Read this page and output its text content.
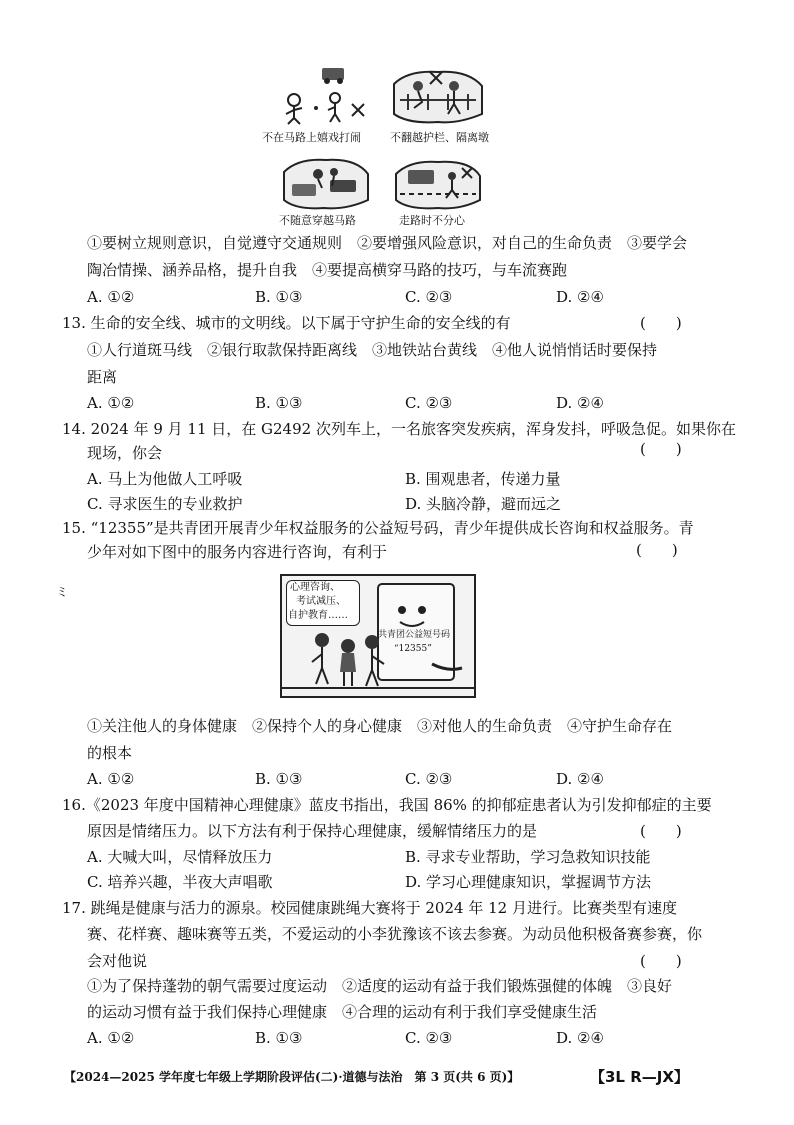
不在马路上嬉戏打闹	不翻越护栏、隔离墩
不随意穿越马路	走路时不分心
①要树立规则意识，自觉遵守交通规则　②要增强风险意识，对自己的生命负责　③要学会
陶冶情操、涵养品格，提升自我　④要提高横穿马路的技巧，与车流赛跑
A. ①②	B. ①③	C. ②③	D. ②④
13. 生命的安全线、城市的文明线。以下属于守护生命的安全线的有	(　　)
①人行道斑马线　②银行取款保持距离线　③地铁站台黄线　④他人说悄悄话时要保持
距离
A. ①②	B. ①③	C. ②③	D. ②④
14. 2024 年 9 月 11 日，在 G2492 次列车上，一名旅客突发疾病，浑身发抖，呼吸急促。如果你在
现场，你会	(　　)
A. 马上为他做人工呼吸	B. 围观患者，传递力量
C. 寻求医生的专业救护	D. 头脑冷静，避而远之
15. “12355”是共青团开展青少年权益服务的公益短号码，青少年提供成长咨询和权益服务。青
少年对如下图中的服务内容进行咨询，有利于	(　　)
ミ	心理咨询、
考试减压、
自护教育……
共青团公益短号码
“12355”
①关注他人的身体健康　②保持个人的身心健康　③对他人的生命负责　④守护生命存在
的根本
A. ①②	B. ①③	C. ②③	D. ②④
16.《2023 年度中国精神心理健康》蓝皮书指出，我国 86% 的抑郁症患者认为引发抑郁症的主要
原因是情绪压力。以下方法有利于保持心理健康，缓解情绪压力的是	(　　)
A. 大喊大叫，尽情释放压力	B. 寻求专业帮助，学习急救知识技能
C. 培养兴趣，半夜大声唱歌	D. 学习心理健康知识，掌握调节方法
17. 跳绳是健康与活力的源泉。校园健康跳绳大赛将于 2024 年 12 月进行。比赛类型有速度
赛、花样赛、趣味赛等五类，不爱运动的小李犹豫该不该去参赛。为动员他积极备赛参赛，你
会对他说	(　　)
①为了保持蓬勃的朝气需要过度运动　②适度的运动有益于我们锻炼强健的体魄　③良好
的运动习惯有益于我们保持心理健康　④合理的运动有利于我们享受健康生活
A. ①②	B. ①③	C. ②③	D. ②④
【2024—2025 学年度七年级上学期阶段评估(二)·道德与法治　第 3 页(共 6 页)】	【3L R—JX】
